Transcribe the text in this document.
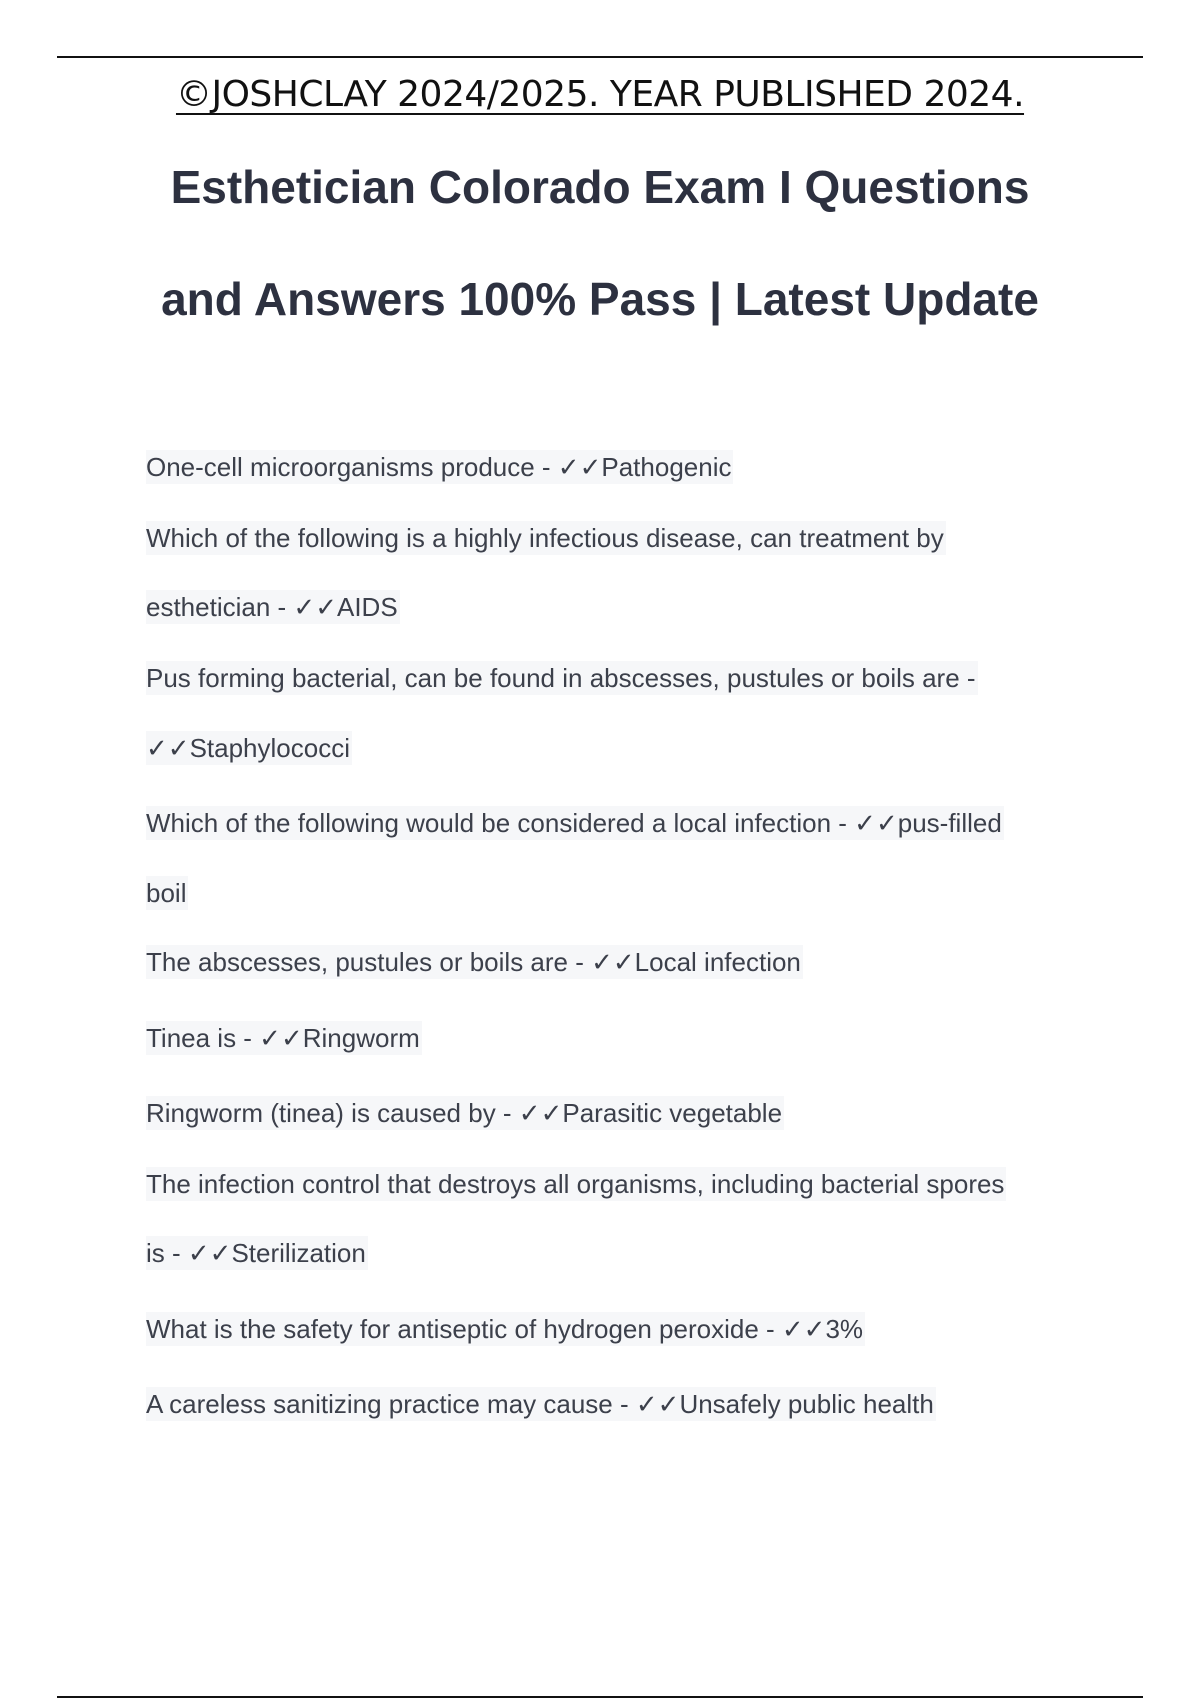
©JOSHCLAY 2024/2025. YEAR PUBLISHED 2024.
Esthetician Colorado Exam I Questions
and Answers 100% Pass | Latest Update
One-cell microorganisms produce - ✓✓Pathogenic
Which of the following is a highly infectious disease, can treatment by
esthetician - ✓✓AIDS
Pus forming bacterial, can be found in abscesses, pustules or boils are -
✓✓Staphylococci
Which of the following would be considered a local infection - ✓✓pus-filled
boil
The abscesses, pustules or boils are - ✓✓Local infection
Tinea is - ✓✓Ringworm
Ringworm (tinea) is caused by - ✓✓Parasitic vegetable
The infection control that destroys all organisms, including bacterial spores
is - ✓✓Sterilization
What is the safety for antiseptic of hydrogen peroxide - ✓✓3%
A careless sanitizing practice may cause - ✓✓Unsafely public health
